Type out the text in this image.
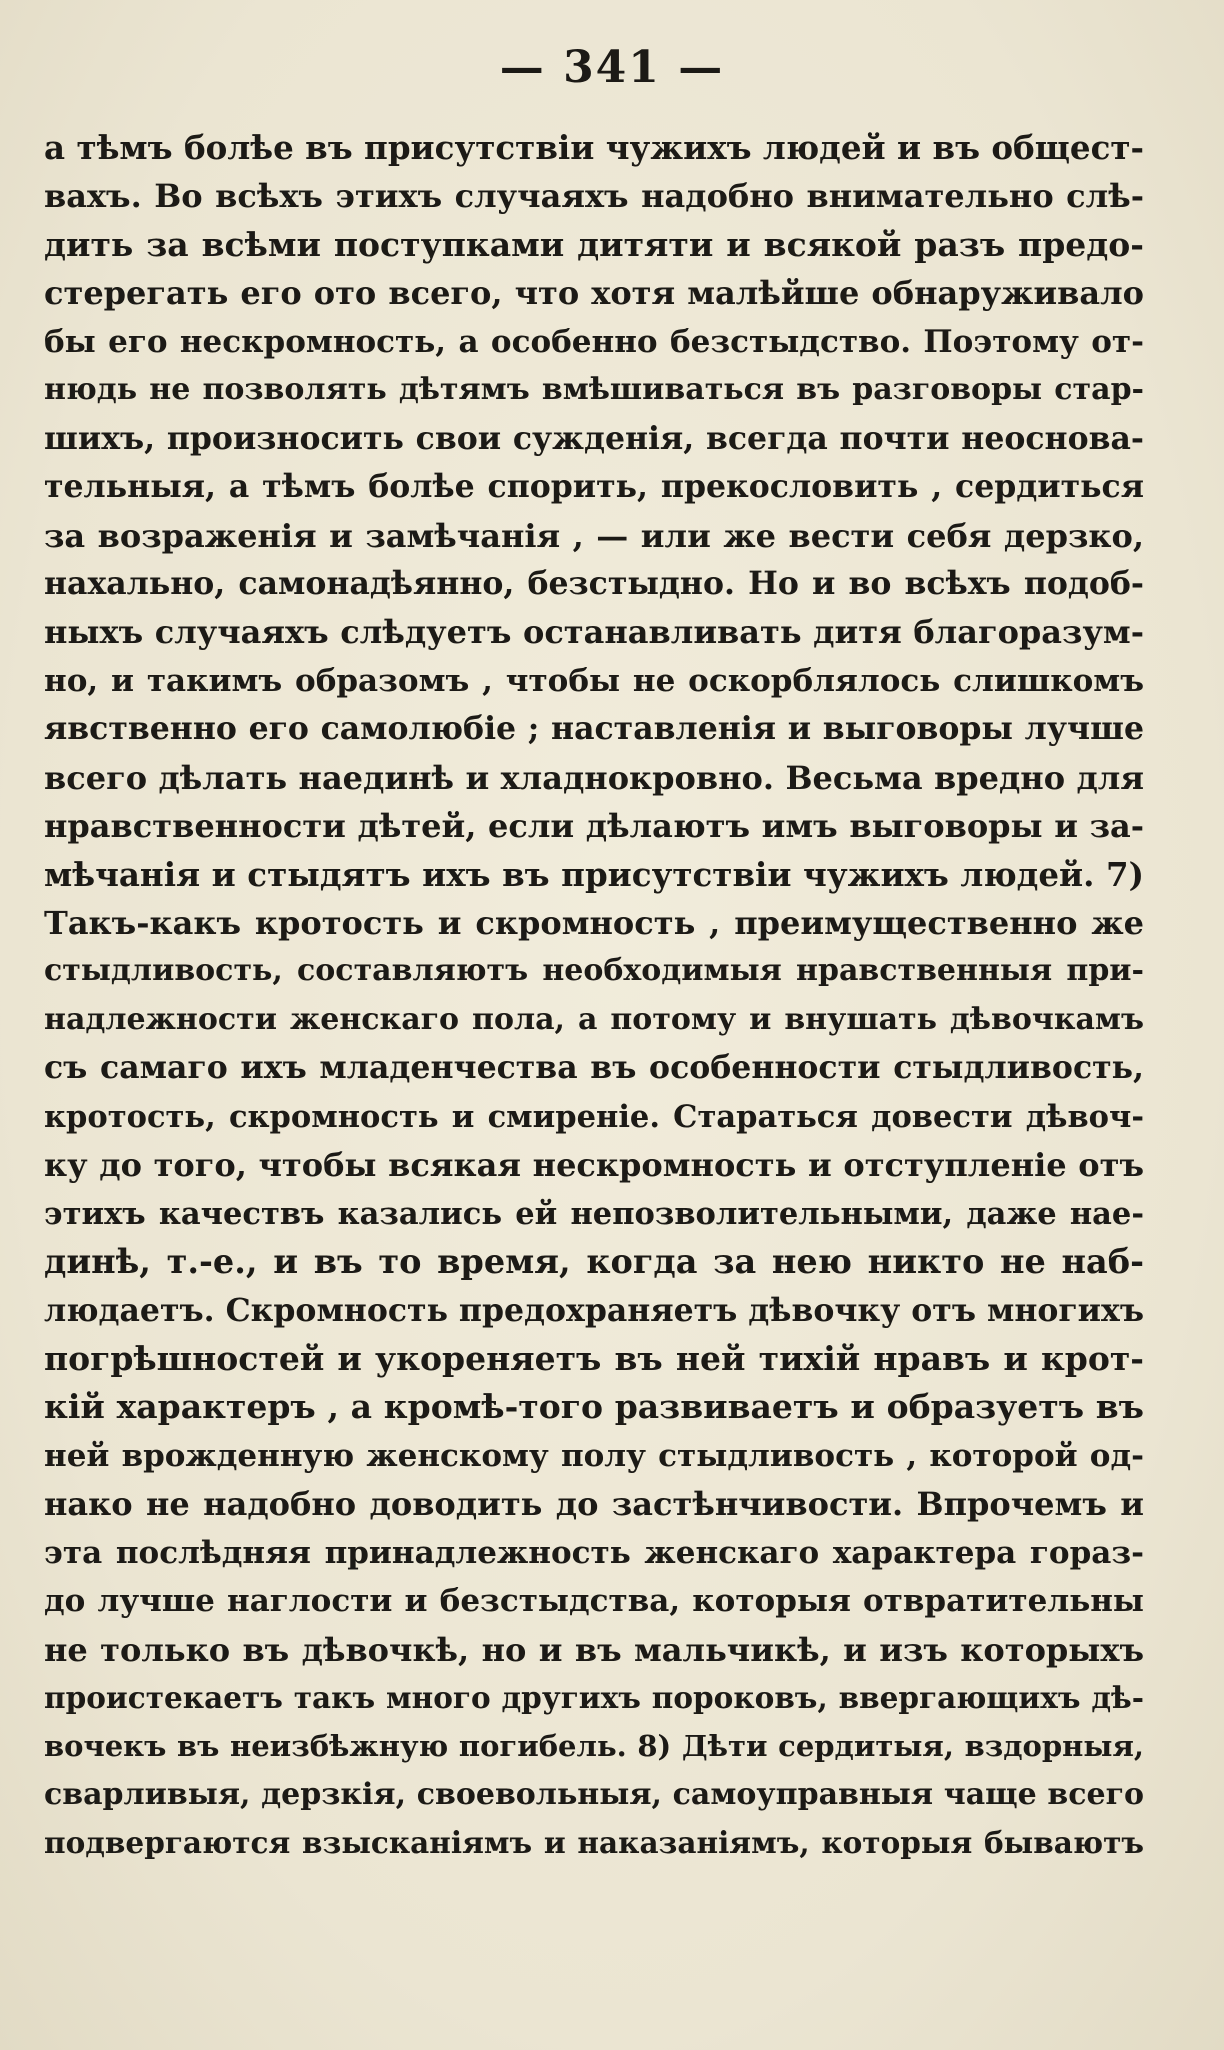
— 341 —
а тѣмъ болѣе въ присутствіи чужихъ людей и въ общест-
вахъ. Во всѣхъ этихъ случаяхъ надобно внимательно слѣ-
дить за всѣми поступками дитяти и всякой разъ предо-
стерегать его ото всего, что хотя малѣйше обнаруживало
бы его нескромность, а особенно безстыдство. Поэтому от-
нюдь не позволять дѣтямъ вмѣшиваться въ разговоры стар-
шихъ, произносить свои сужденія, всегда почти неоснова-
тельныя, а тѣмъ болѣе спорить, прекословить , сердиться
за возраженія и замѣчанія , — или же вести себя дерзко,
нахально, самонадѣянно, безстыдно. Но и во всѣхъ подоб-
ныхъ случаяхъ слѣдуетъ останавливать дитя благоразум-
но, и такимъ образомъ , чтобы не оскорблялось слишкомъ
явственно его самолюбіе ; наставленія и выговоры лучше
всего дѣлать наединѣ и хладнокровно. Весьма вредно для
нравственности дѣтей, если дѣлаютъ имъ выговоры и за-
мѣчанія и стыдятъ ихъ въ присутствіи чужихъ людей. 7)
Такъ-какъ кротость и скромность , преимущественно же
стыдливость, составляютъ необходимыя нравственныя при-
надлежности женскаго пола, а потому и внушать дѣвочкамъ
съ самаго ихъ младенчества въ особенности стыдливость,
кротость, скромность и смиреніе. Стараться довести дѣвоч-
ку до того, чтобы всякая нескромность и отступленіе отъ
этихъ качествъ казались ей непозволительными, даже нае-
динѣ, т.-е., и въ то время, когда за нею никто не наб-
людаетъ. Скромность предохраняетъ дѣвочку отъ многихъ
погрѣшностей и укореняетъ въ ней тихій нравъ и крот-
кій характеръ , а кромѣ-того развиваетъ и образуетъ въ
ней врожденную женскому полу стыдливость , которой од-
нако не надобно доводить до застѣнчивости. Впрочемъ и
эта послѣдняя принадлежность женскаго характера гораз-
до лучше наглости и безстыдства, которыя отвратительны
не только въ дѣвочкѣ, но и въ мальчикѣ, и изъ которыхъ
проистекаетъ такъ много другихъ пороковъ, ввергающихъ дѣ-
вочекъ въ неизбѣжную погибель. 8) Дѣти сердитыя, вздорныя,
сварливыя, дерзкія, своевольныя, самоуправныя чаще всего
подвергаются взысканіямъ и наказаніямъ, которыя бываютъ
